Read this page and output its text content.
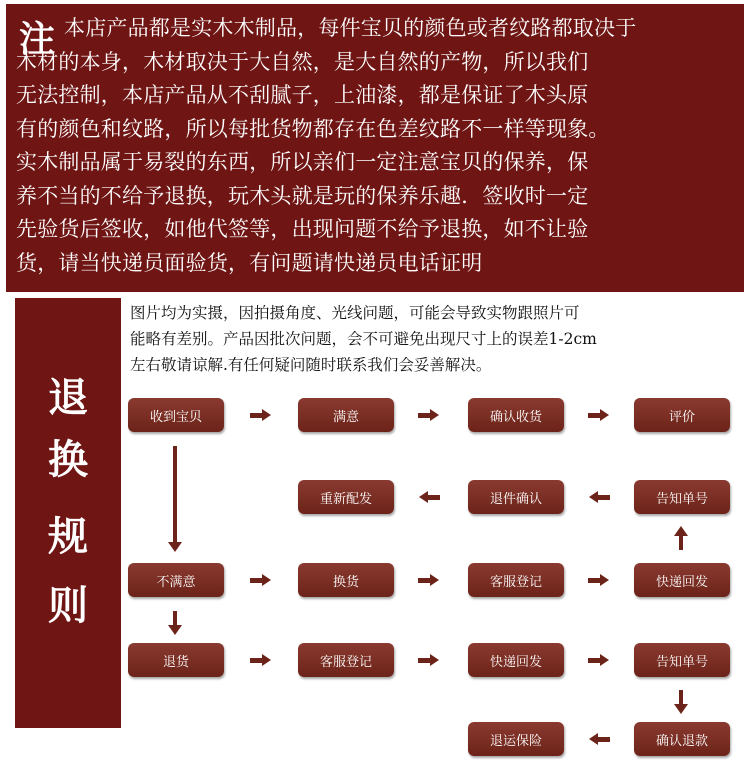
注 本店产品都是实木木制品，每件宝贝的颜色或者纹路都取决于
木材的本身，木材取决于大自然，是大自然的产物，所以我们
无法控制，本店产品从不刮腻子，上油漆，都是保证了木头原
有的颜色和纹路，所以每批货物都存在色差纹路不一样等现象。
实木制品属于易裂的东西，所以亲们一定注意宝贝的保养，保
养不当的不给予退换，玩木头就是玩的保养乐趣．签收时一定
先验货后签收，如他代签等，出现问题不给予退换，如不让验
货，请当快递员面验货，有问题请快递员电话证明
退
换
规
则
图片均为实摄，因拍摄角度、光线问题，可能会导致实物跟照片可
能略有差别。产品因批次问题，会不可避免出现尺寸上的误差1-2cm
左右敬请谅解.有任何疑问随时联系我们会妥善解决。
收到宝贝	满意	确认收货	评价
重新配发	退件确认	告知单号
不满意	换货	客服登记	快递回发
退货	客服登记	快递回发	告知单号
退运保险	确认退款
